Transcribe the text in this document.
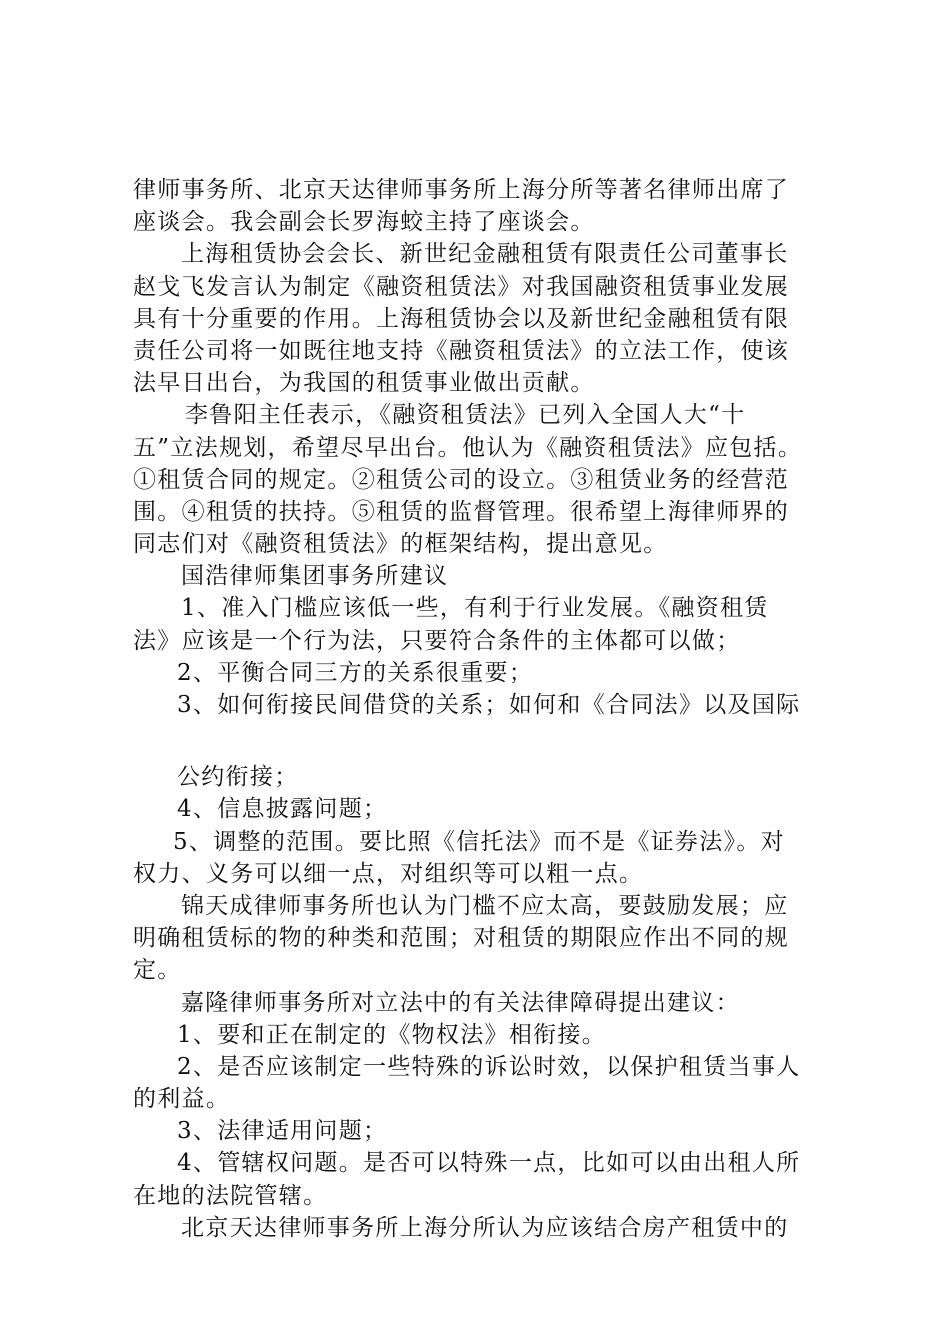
律师事务所、北京天达律师事务所上海分所等著名律师出席了
座谈会。我会副会长罗海蛟主持了座谈会。
上海租赁协会会长、新世纪金融租赁有限责任公司董事长
赵戈飞发言认为制定《融资租赁法》对我国融资租赁事业发展
具有十分重要的作用。上海租赁协会以及新世纪金融租赁有限
责任公司将一如既往地支持《融资租赁法》的立法工作，使该
法早日出台，为我国的租赁事业做出贡献。
李鲁阳主任表示，《融资租赁法》已列入全国人大“十
五”立法规划，希望尽早出台。他认为《融资租赁法》应包括。
①租赁合同的规定。②租赁公司的设立。③租赁业务的经营范
围。④租赁的扶持。⑤租赁的监督管理。很希望上海律师界的
同志们对《融资租赁法》的框架结构，提出意见。
国浩律师集团事务所建议
1、准入门槛应该低一些，有利于行业发展。《融资租赁
法》应该是一个行为法，只要符合条件的主体都可以做；
2、平衡合同三方的关系很重要；
3、如何衔接民间借贷的关系；如何和《合同法》以及国际
公约衔接；
4、信息披露问题；
5、调整的范围。要比照《信托法》而不是《证券法》。对
权力、义务可以细一点，对组织等可以粗一点。
锦天成律师事务所也认为门槛不应太高，要鼓励发展；应
明确租赁标的物的种类和范围；对租赁的期限应作出不同的规
定。
嘉隆律师事务所对立法中的有关法律障碍提出建议：
1、要和正在制定的《物权法》相衔接。
2、是否应该制定一些特殊的诉讼时效，以保护租赁当事人
的利益。
3、法律适用问题；
4、管辖权问题。是否可以特殊一点，比如可以由出租人所
在地的法院管辖。
北京天达律师事务所上海分所认为应该结合房产租赁中的
